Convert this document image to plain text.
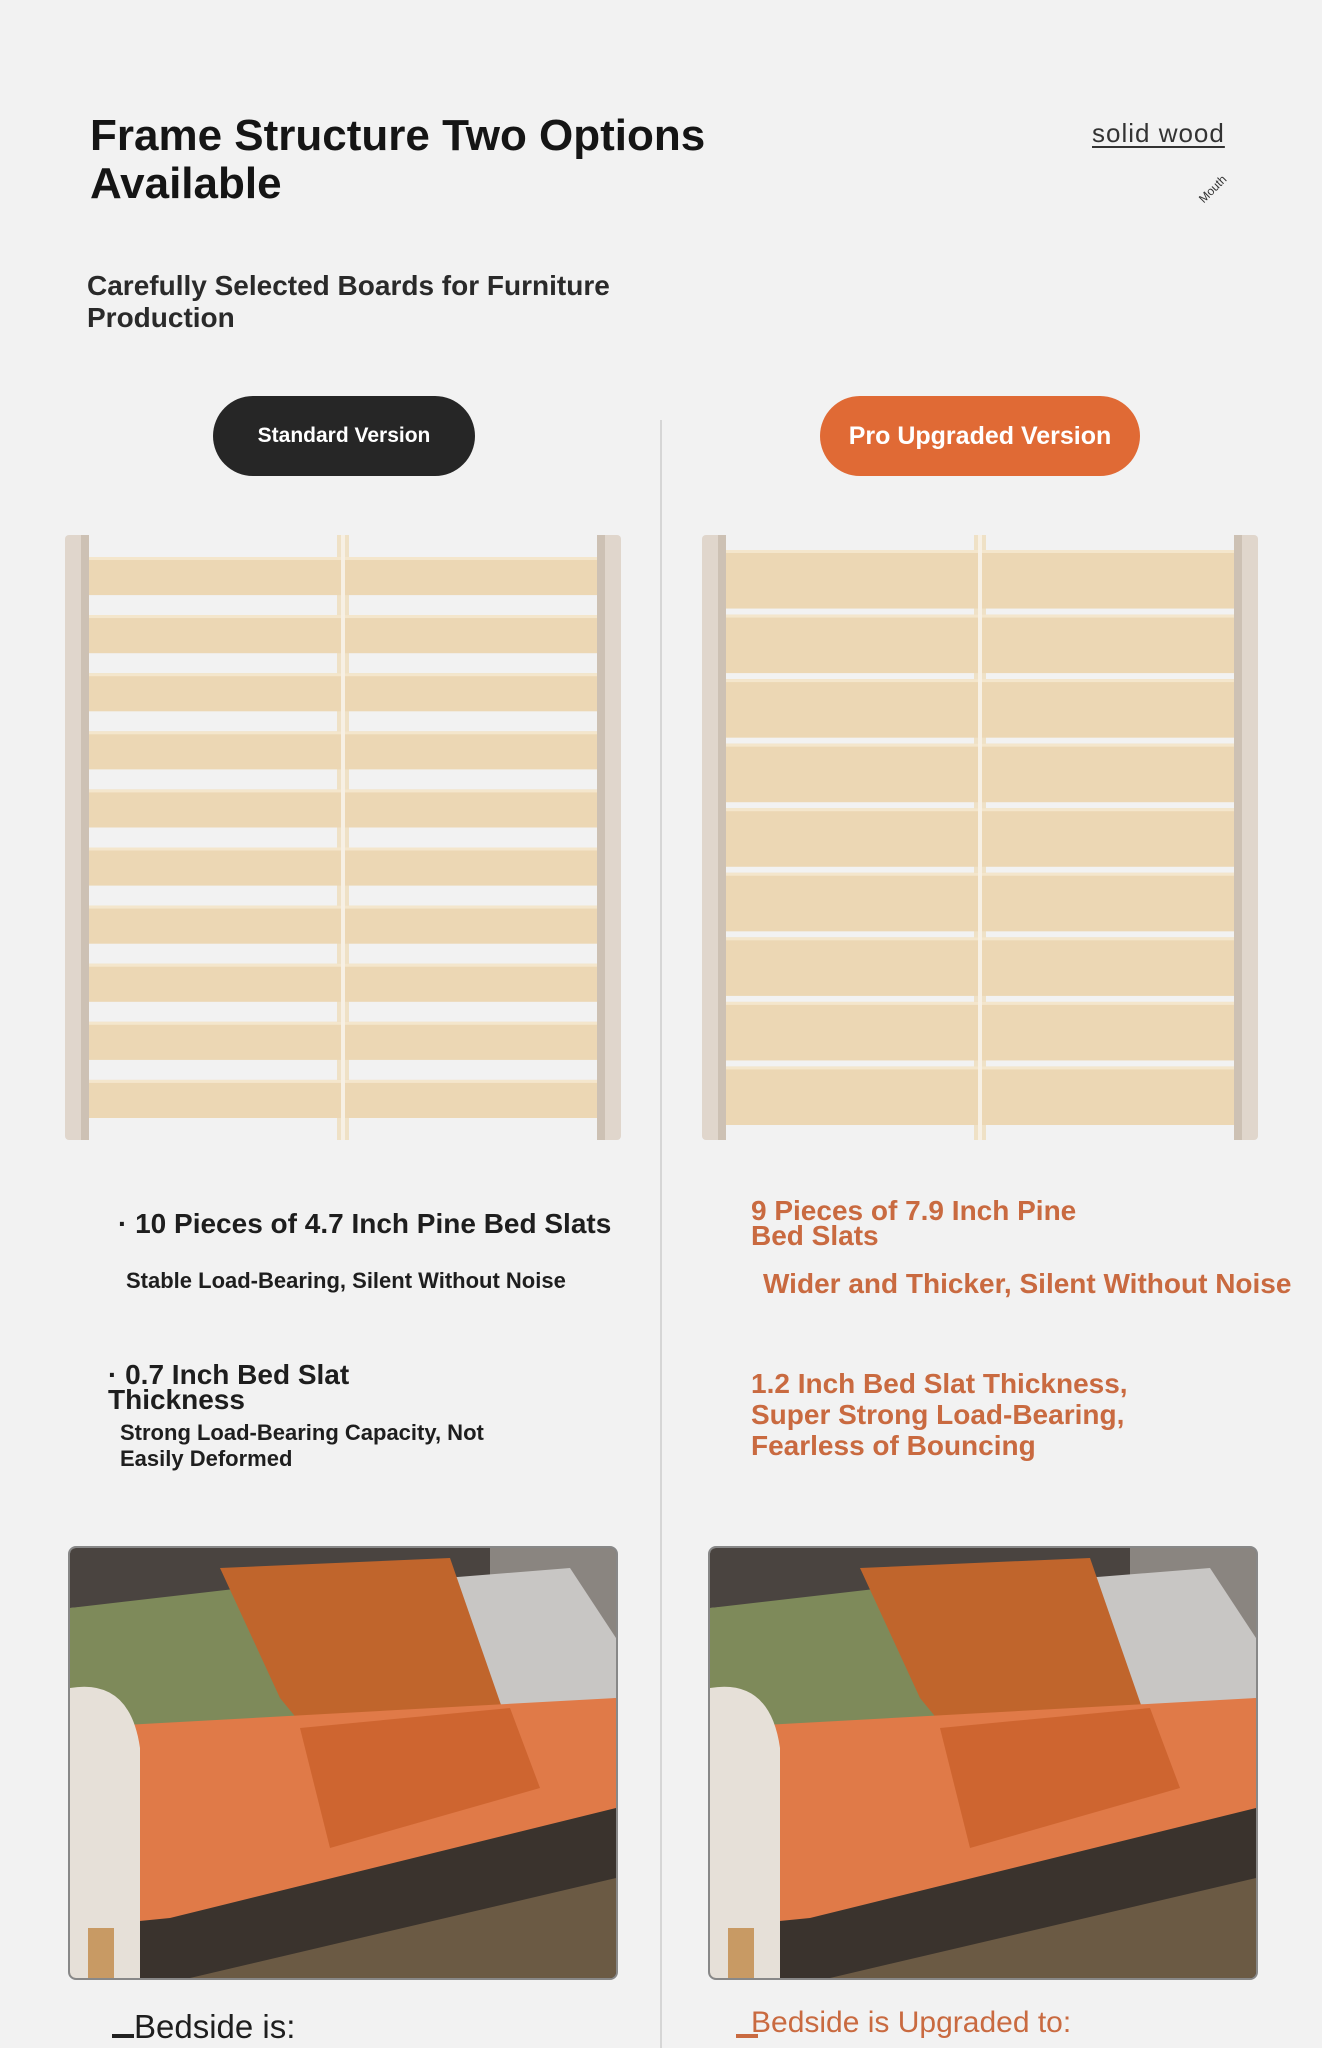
Frame Structure Two Options Available
Carefully Selected Boards for Furniture Production
solid wood
Mouth
Standard Version	Pro Upgraded Version
· 10 Pieces of 4.7 Inch Pine Bed Slats
Stable Load-Bearing, Silent Without Noise
· 0.7 Inch Bed Slat Thickness
Strong Load-Bearing Capacity, Not Easily Deformed
9 Pieces of 7.9 Inch Pine Bed Slats
Wider and Thicker, Silent Without Noise
1.2 Inch Bed Slat Thickness, Super Strong Load-Bearing, Fearless of Bouncing
Bedside is:	Bedside is Upgraded to:
